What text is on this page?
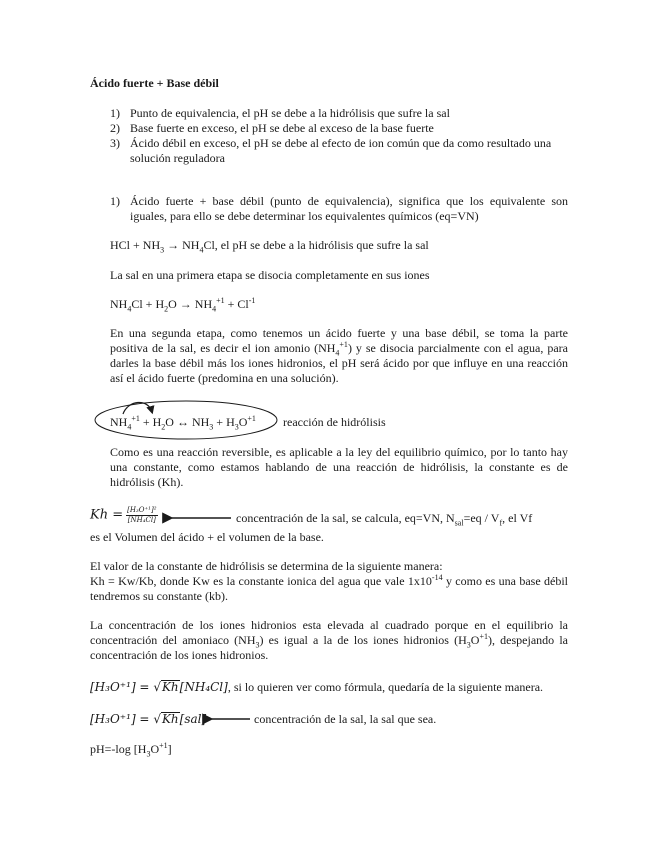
Ácido fuerte + Base débil
1) Punto de equivalencia, el pH se debe a la hidrólisis que sufre la sal
2) Base fuerte en exceso, el pH se debe al exceso de la base fuerte
3) Ácido débil en exceso, el pH se debe al efecto de ion común que da como resultado una solución reguladora
1) Ácido fuerte + base débil (punto de equivalencia), significa que los equivalente son iguales, para ello se debe determinar los equivalentes químicos (eq=VN)
HCl + $NH_3 \to NH_4Cl$, el pH se debe a la hidrólisis que sufre la sal
La sal en una primera etapa se disocia completamente en sus iones
$NH_4Cl + H_2O \to NH_4^{+1} + Cl^{-1}$
En una segunda etapa, como tenemos un ácido fuerte y una base débil, se toma la parte positiva de la sal, es decir el ion amonio $(NH_4^{+1})$ y se disocia parcialmente con el agua, para darles la base débil más los iones hidronios, el pH será ácido por que influye en una reacción así el ácido fuerte (predomina en una solución).
$NH_4^{+1} + H_2O$ ↔ $NH_3 + H_3O^{+1}$ reacción de hidrólisis
Como es una reacción reversible, es aplicable a la ley del equilibrio químico, por lo tanto hay una constante, como estamos hablando de una reacción de hidrólisis, la constante es de hidrólisis (Kh).
$Kh = \frac{\text{[H₃O⁺¹]²}}{\text{[NH₄Cl]}}$	concentración de la sal, se calcula, eq=VN, $N_{sal}=eq / V_f$, el Vf
es el Volumen del ácido + el volumen de la base.
El valor de la constante de hidrólisis se determina de la siguiente manera:
Kh = Kw/Kb, donde Kw es la constante ionica del agua que vale $1x10^{-14}$ y como es una base débil tendremos su constante (kb).
La concentración de los iones hidronios esta elevada al cuadrado porque en el equilibrio la concentración del amoniaco $(NH_3)$ es igual a la de los iones hidronios $(H_3O^{+1})$, despejando la concentración de los iones hidronios.
[H₃O⁺¹] = √Kh[NH₄Cl], si lo quieren ver como fórmula, quedaría de la siguiente manera.
[H₃O⁺¹] = √Kh[sal]	concentración de la sal, la sal que sea.
pH=-log $[H_3O^{+1}]$
